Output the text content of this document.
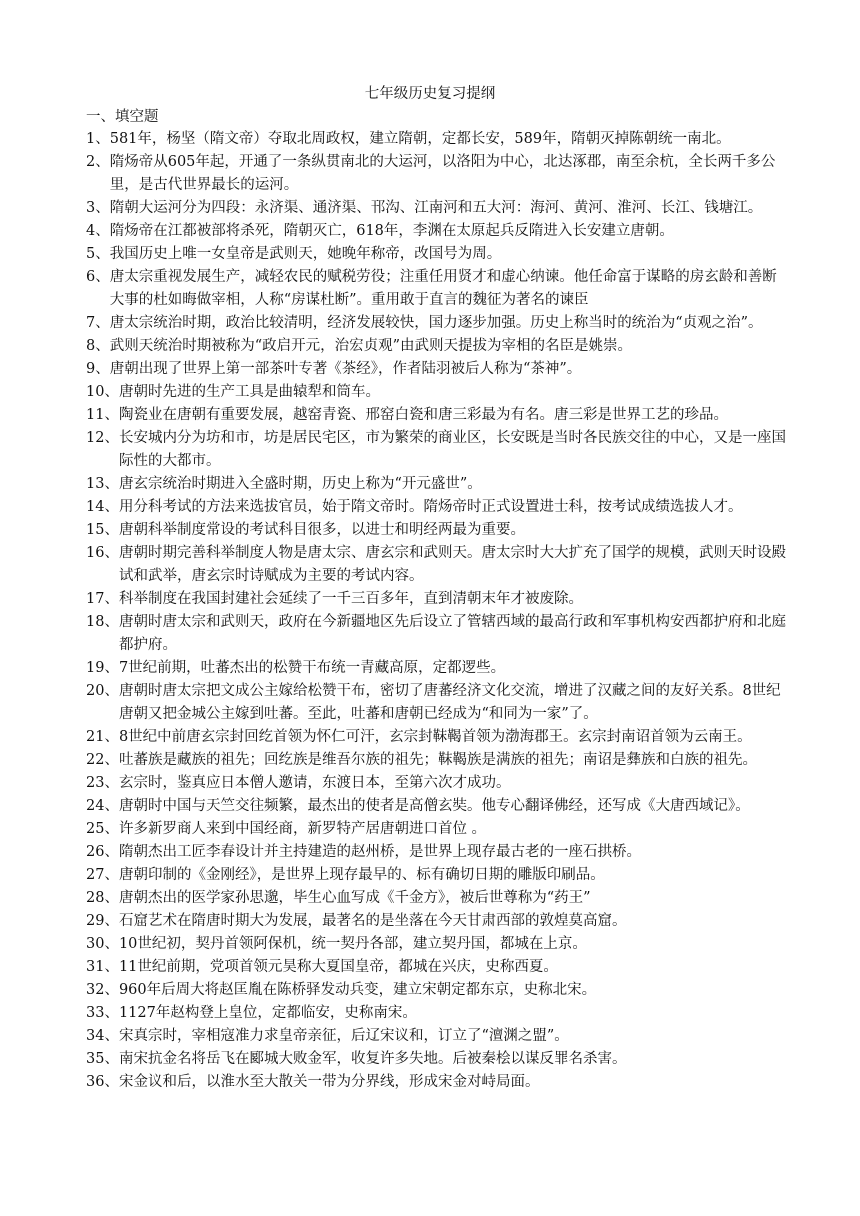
七年级历史复习提纲
一、填空题
1、 581年，杨坚（隋文帝）夺取北周政权，建立隋朝，定都长安，589年，隋朝灭掉陈朝统一南北。
2、 隋炀帝从605年起，开通了一条纵贯南北的大运河，以洛阳为中心，北达涿郡，南至余杭，全长两千多公里，是古代世界最长的运河。
3、 隋朝大运河分为四段：永济渠、通济渠、邗沟、江南河和五大河：海河、黄河、淮河、长江、钱塘江。
4、 隋炀帝在江都被部将杀死，隋朝灭亡，618年，李渊在太原起兵反隋进入长安建立唐朝。
5、 我国历史上唯一女皇帝是武则天，她晚年称帝，改国号为周。
6、 唐太宗重视发展生产，减轻农民的赋税劳役；注重任用贤才和虚心纳谏。他任命富于谋略的房玄龄和善断大事的杜如晦做宰相，人称“房谋杜断”。重用敢于直言的魏征为著名的谏臣
7、 唐太宗统治时期，政治比较清明，经济发展较快，国力逐步加强。历史上称当时的统治为“贞观之治”。
8、 武则天统治时期被称为“政启开元，治宏贞观”由武则天提拔为宰相的名臣是姚崇。
9、 唐朝出现了世界上第一部茶叶专著《茶经》，作者陆羽被后人称为“茶神”。
10、 唐朝时先进的生产工具是曲辕犁和筒车。
11、 陶瓷业在唐朝有重要发展，越窑青瓷、邢窑白瓷和唐三彩最为有名。唐三彩是世界工艺的珍品。
12、 长安城内分为坊和市，坊是居民宅区，市为繁荣的商业区，长安既是当时各民族交往的中心，又是一座国际性的大都市。
13、 唐玄宗统治时期进入全盛时期，历史上称为“开元盛世”。
14、 用分科考试的方法来选拔官员，始于隋文帝时。隋炀帝时正式设置进士科，按考试成绩选拔人才。
15、 唐朝科举制度常设的考试科目很多，以进士和明经两最为重要。
16、 唐朝时期完善科举制度人物是唐太宗、唐玄宗和武则天。唐太宗时大大扩充了国学的规模，武则天时设殿试和武举，唐玄宗时诗赋成为主要的考试内容。
17、 科举制度在我国封建社会延续了一千三百多年，直到清朝末年才被废除。
18、 唐朝时唐太宗和武则天，政府在今新疆地区先后设立了管辖西域的最高行政和军事机构安西都护府和北庭都护府。
19、 7世纪前期，吐蕃杰出的松赞干布统一青藏高原，定都逻些。
20、 唐朝时唐太宗把文成公主嫁给松赞干布，密切了唐蕃经济文化交流，增进了汉藏之间的友好关系。8世纪唐朝又把金城公主嫁到吐蕃。至此，吐蕃和唐朝已经成为“和同为一家”了。
21、 8世纪中前唐玄宗封回纥首领为怀仁可汗，玄宗封靺鞨首领为渤海郡王。玄宗封南诏首领为云南王。
22、 吐蕃族是藏族的祖先；回纥族是维吾尔族的祖先；靺鞨族是满族的祖先；南诏是彝族和白族的祖先。
23、 玄宗时，鉴真应日本僧人邀请，东渡日本，至第六次才成功。
24、 唐朝时中国与天竺交往频繁，最杰出的使者是高僧玄奘。他专心翻译佛经，还写成《大唐西域记》。
25、 许多新罗商人来到中国经商，新罗特产居唐朝进口首位 。
26、 隋朝杰出工匠李春设计并主持建造的赵州桥，是世界上现存最古老的一座石拱桥。
27、 唐朝印制的《金刚经》，是世界上现存最早的、标有确切日期的雕版印刷品。
28、 唐朝杰出的医学家孙思邈，毕生心血写成《千金方》，被后世尊称为“药王”
29、 石窟艺术在隋唐时期大为发展，最著名的是坐落在今天甘肃西部的敦煌莫高窟。
30、 10世纪初，契丹首领阿保机，统一契丹各部，建立契丹国，都城在上京。
31、 11世纪前期，党项首领元昊称大夏国皇帝，都城在兴庆，史称西夏。
32、 960年后周大将赵匡胤在陈桥驿发动兵变，建立宋朝定都东京，史称北宋。
33、 1127年赵构登上皇位，定都临安，史称南宋。
34、 宋真宗时，宰相寇准力求皇帝亲征，后辽宋议和，订立了“澶渊之盟”。
35、 南宋抗金名将岳飞在郾城大败金军，收复许多失地。后被秦桧以谋反罪名杀害。
36、 宋金议和后，以淮水至大散关一带为分界线，形成宋金对峙局面。
